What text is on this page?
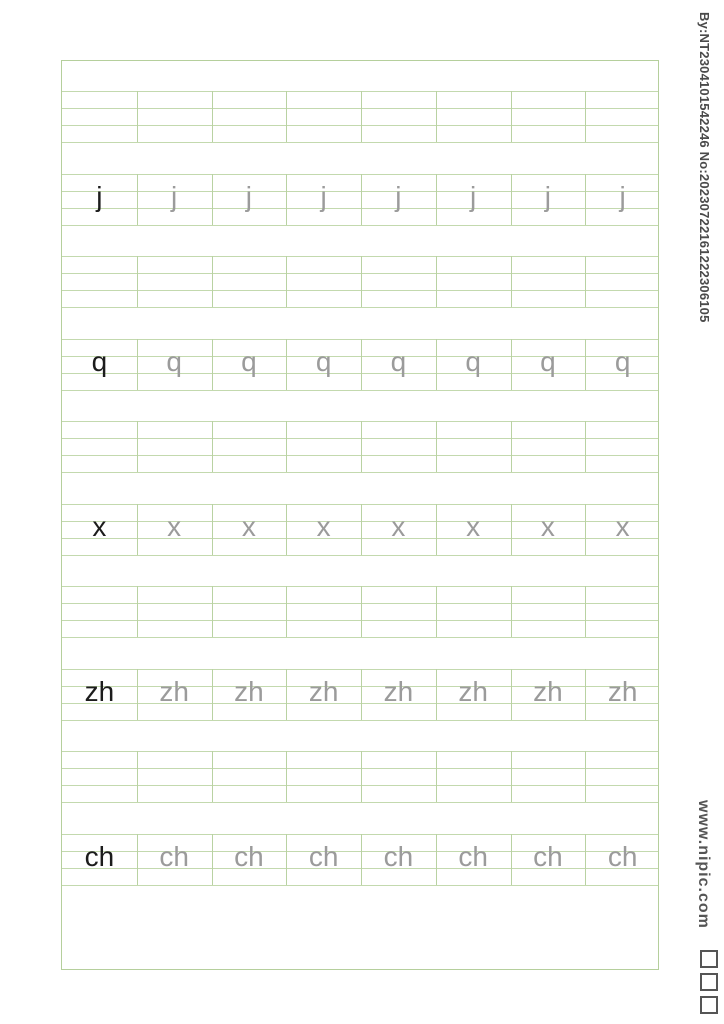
j	j	j	j	j	j	j	j
q	q	q	q	q	q	q	q
x	x	x	x	x	x	x	x
zh	zh	zh	zh	zh	zh	zh	zh
ch	ch	ch	ch	ch	ch	ch	ch
By:NT2304101542246 No:20230722161222306105
www.nipic.com
